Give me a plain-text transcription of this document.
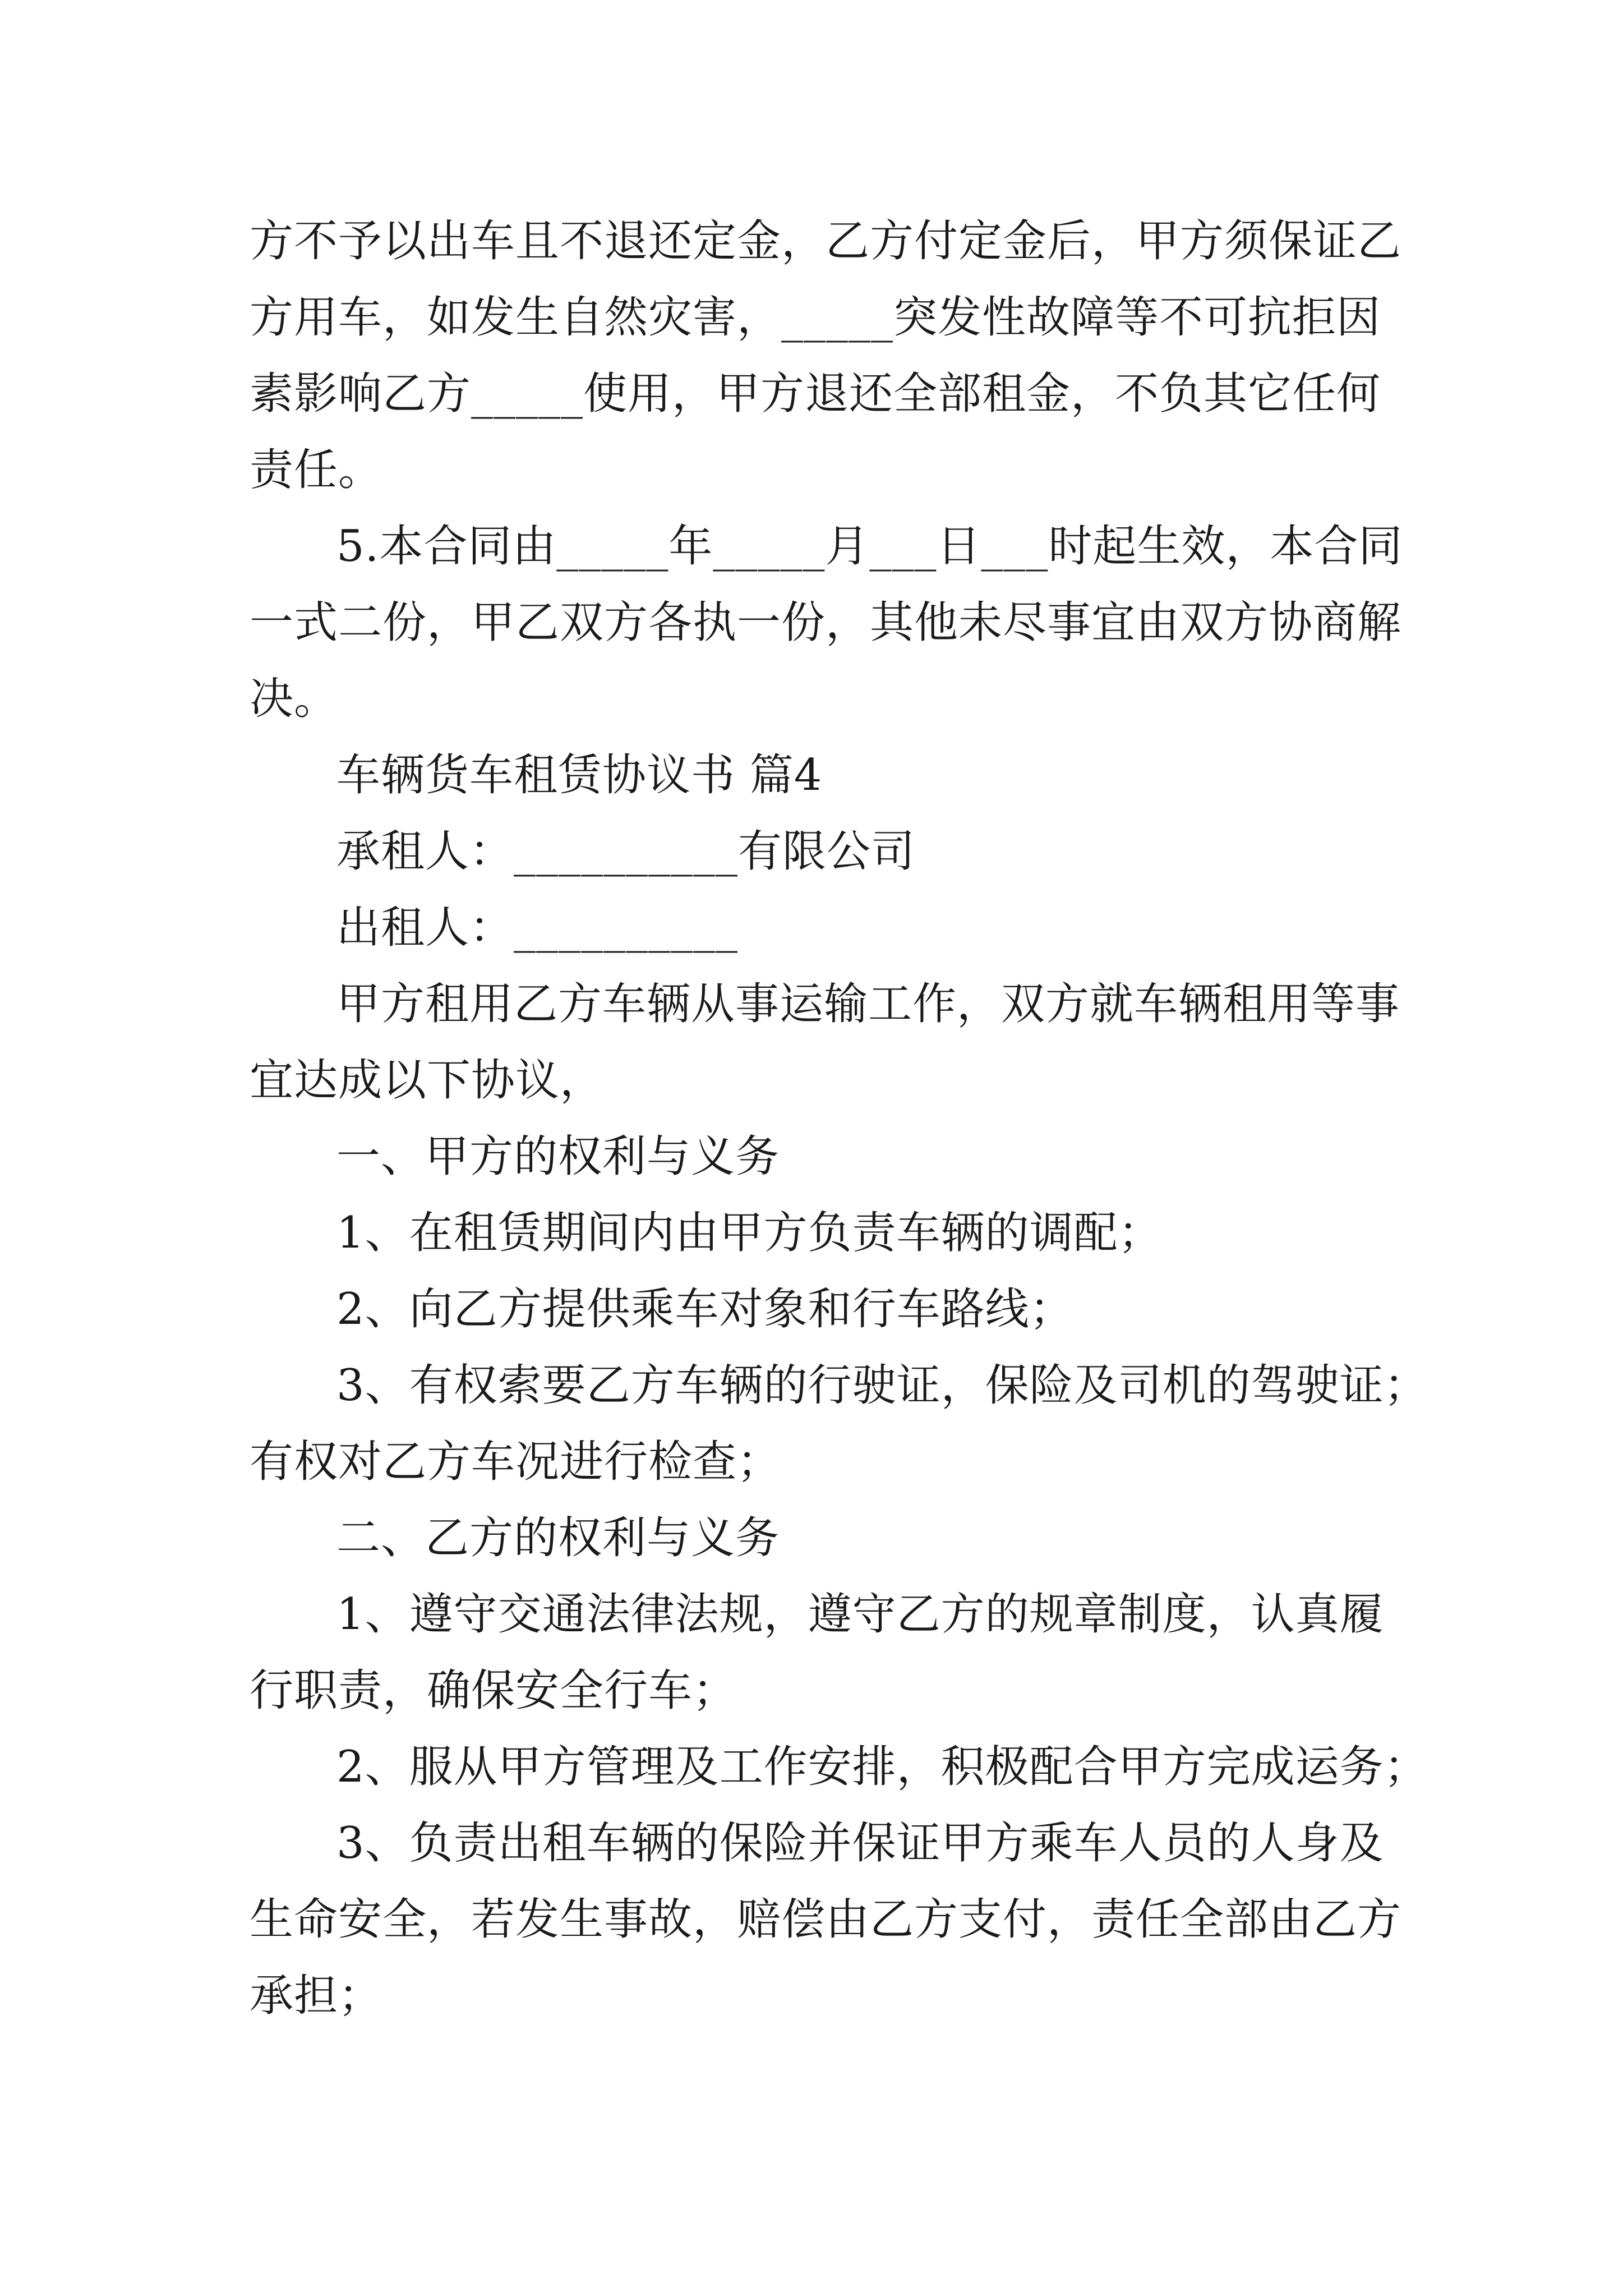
方不予以出车且不退还定金，乙方付定金后，甲方须保证乙
方用车，如发生自然灾害，_____突发性故障等不可抗拒因
素影响乙方_____使用，甲方退还全部租金，不负其它任何
责任。
5.本合同由_____年_____月___日___时起生效，本合同
一式二份，甲乙双方各执一份，其他未尽事宜由双方协商解
决。
车辆货车租赁协议书 篇4
承租人：__________有限公司
出租人：__________
甲方租用乙方车辆从事运输工作，双方就车辆租用等事
宜达成以下协议，
一、甲方的权利与义务
1、在租赁期间内由甲方负责车辆的调配；
2、向乙方提供乘车对象和行车路线；
3、有权索要乙方车辆的行驶证，保险及司机的驾驶证；
有权对乙方车况进行检查；
二、乙方的权利与义务
1、遵守交通法律法规，遵守乙方的规章制度，认真履
行职责，确保安全行车；
2、服从甲方管理及工作安排，积极配合甲方完成运务；
3、负责出租车辆的保险并保证甲方乘车人员的人身及
生命安全，若发生事故，赔偿由乙方支付，责任全部由乙方
承担；
